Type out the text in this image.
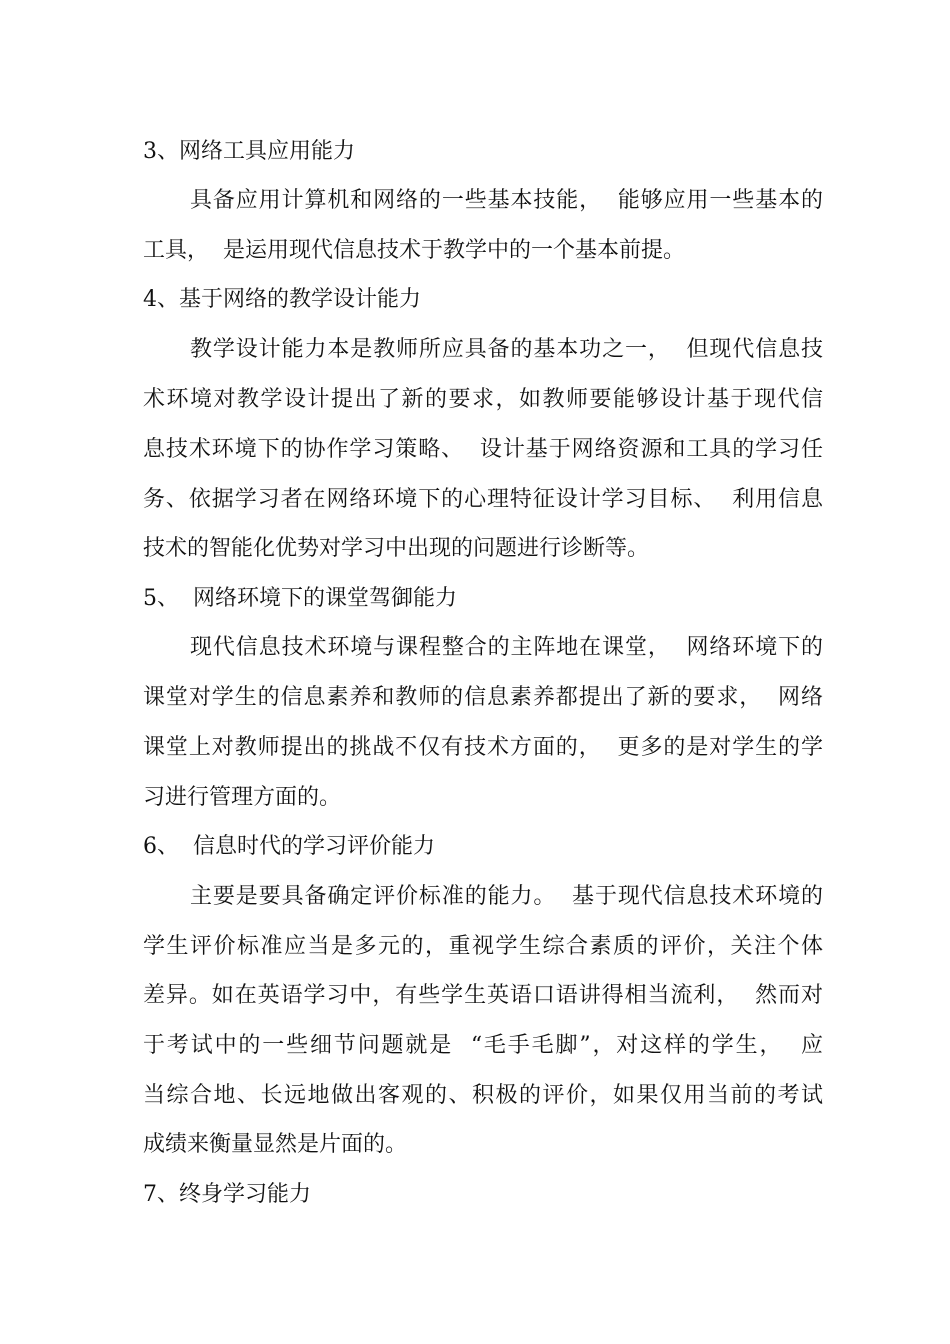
3、网络工具应用能力
具备应用计算机和网络的一些基本技能，  能够应用一些基本的
工具，  是运用现代信息技术于教学中的一个基本前提。
4、基于网络的教学设计能力
教学设计能力本是教师所应具备的基本功之一，  但现代信息技
术环境对教学设计提出了新的要求，如教师要能够设计基于现代信
息技术环境下的协作学习策略、  设计基于网络资源和工具的学习任
务、依据学习者在网络环境下的心理特征设计学习目标、  利用信息
技术的智能化优势对学习中出现的问题进行诊断等。
5、  网络环境下的课堂驾御能力
现代信息技术环境与课程整合的主阵地在课堂，  网络环境下的
课堂对学生的信息素养和教师的信息素养都提出了新的要求，  网络
课堂上对教师提出的挑战不仅有技术方面的，  更多的是对学生的学
习进行管理方面的。
6、  信息时代的学习评价能力
主要是要具备确定评价标准的能力。  基于现代信息技术环境的
学生评价标准应当是多元的，重视学生综合素质的评价，关注个体
差异。如在英语学习中，有些学生英语口语讲得相当流利，  然而对
于考试中的一些细节问题就是  “毛手毛脚”，对这样的学生，  应
当综合地、长远地做出客观的、积极的评价，如果仅用当前的考试
成绩来衡量显然是片面的。
7、终身学习能力
